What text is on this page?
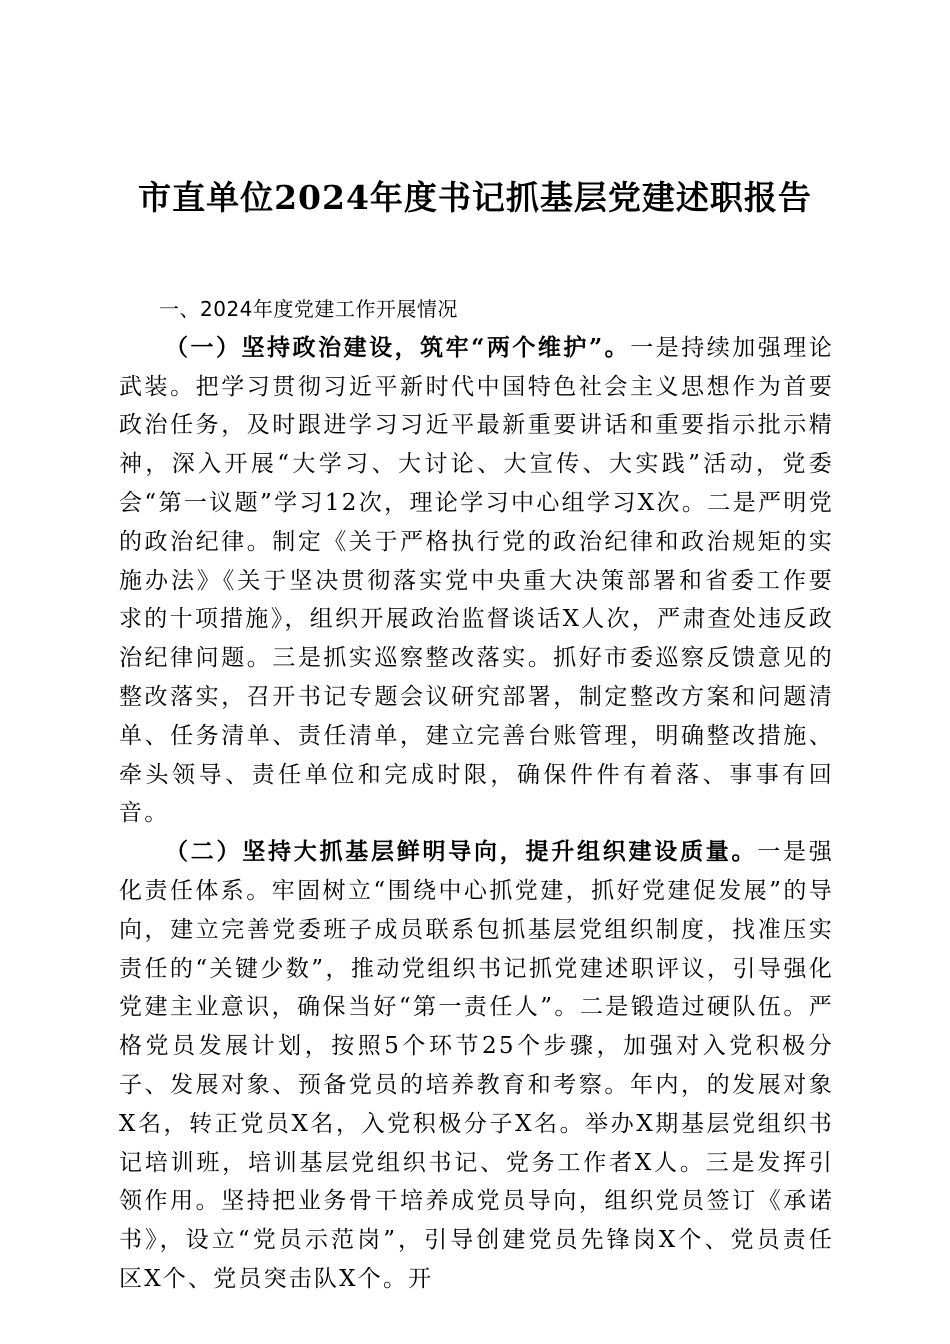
市直单位2024年度书记抓基层党建述职报告

一、2024年度党建工作开展情况

（一）坚持政治建设，筑牢“两个维护”。一是持续加强理论武装。把学习贯彻习近平新时代中国特色社会主义思想作为首要政治任务，及时跟进学习习近平最新重要讲话和重要指示批示精神，深入开展“大学习、大讨论、大宣传、大实践”活动，党委会“第一议题”学习12次，理论学习中心组学习X次。二是严明党的政治纪律。制定《关于严格执行党的政治纪律和政治规矩的实施办法》《关于坚决贯彻落实党中央重大决策部署和省委工作要求的十项措施》，组织开展政治监督谈话X人次，严肃查处违反政治纪律问题。三是抓实巡察整改落实。抓好市委巡察反馈意见的整改落实，召开书记专题会议研究部署，制定整改方案和问题清单、任务清单、责任清单，建立完善台账管理，明确整改措施、牵头领导、责任单位和完成时限，确保件件有着落、事事有回音。

（二）坚持大抓基层鲜明导向，提升组织建设质量。一是强化责任体系。牢固树立“围绕中心抓党建，抓好党建促发展”的导向，建立完善党委班子成员联系包抓基层党组织制度，找准压实责任的“关键少数”，推动党组织书记抓党建述职评议，引导强化党建主业意识，确保当好“第一责任人”。二是锻造过硬队伍。严格党员发展计划，按照5个环节25个步骤，加强对入党积极分子、发展对象、预备党员的培养教育和考察。年内，的发展对象X名，转正党员X名，入党积极分子X名。举办X期基层党组织书记培训班，培训基层党组织书记、党务工作者X人。三是发挥引领作用。坚持把业务骨干培养成党员导向，组织党员签订《承诺书》，设立“党员示范岗”，引导创建党员先锋岗X个、党员责任区X个、党员突击队X个。开
